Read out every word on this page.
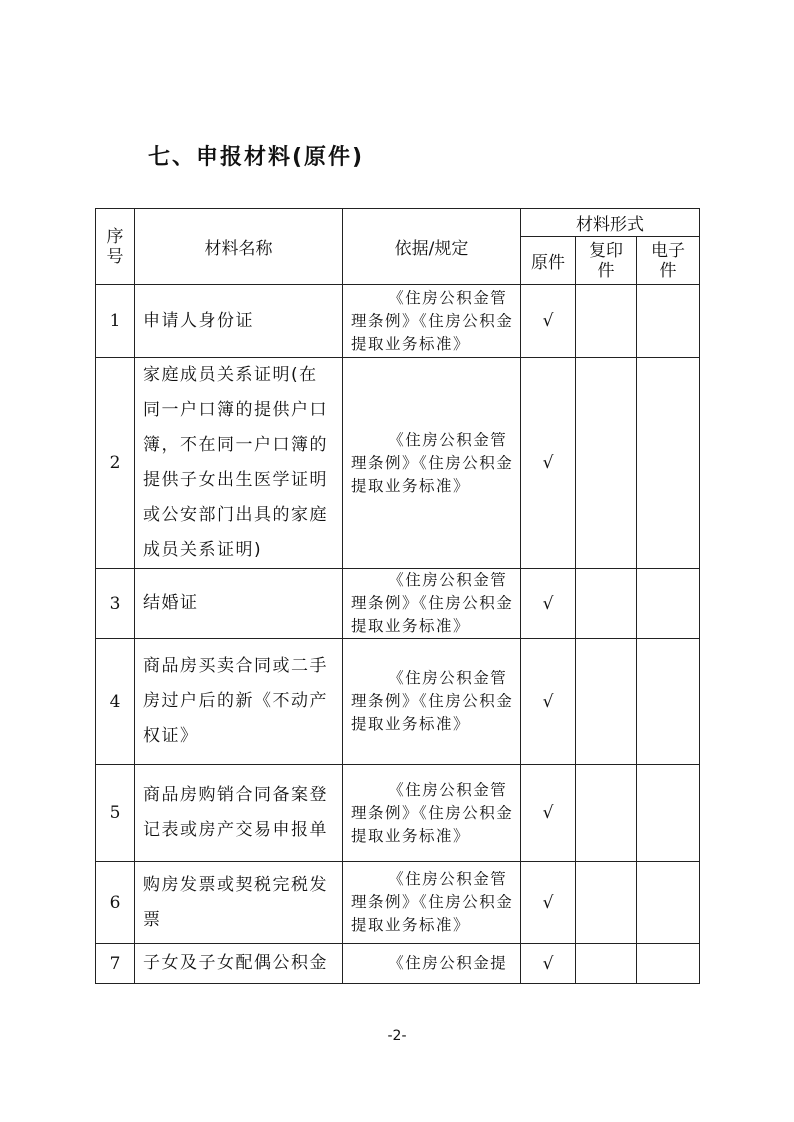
七、申报材料(原件)
序号	材料名称	依据/规定	材料形式		
			原件	复印件	电子件
1	申请人身份证	《住房公积金管理条例》《住房公积金提取业务标准》	√		
2	家庭成员关系证明(在同一户口簿的提供户口簿，不在同一户口簿的提供子女出生医学证明或公安部门出具的家庭成员关系证明)	《住房公积金管理条例》《住房公积金提取业务标准》	√		
3	结婚证	《住房公积金管理条例》《住房公积金提取业务标准》	√		
4	商品房买卖合同或二手房过户后的新《不动产权证》	《住房公积金管理条例》《住房公积金提取业务标准》	√		
5	商品房购销合同备案登记表或房产交易申报单	《住房公积金管理条例》《住房公积金提取业务标准》	√		
6	购房发票或契税完税发票	《住房公积金管理条例》《住房公积金提取业务标准》	√		
7	子女及子女配偶公积金	《住房公积金提	√		
-2-
